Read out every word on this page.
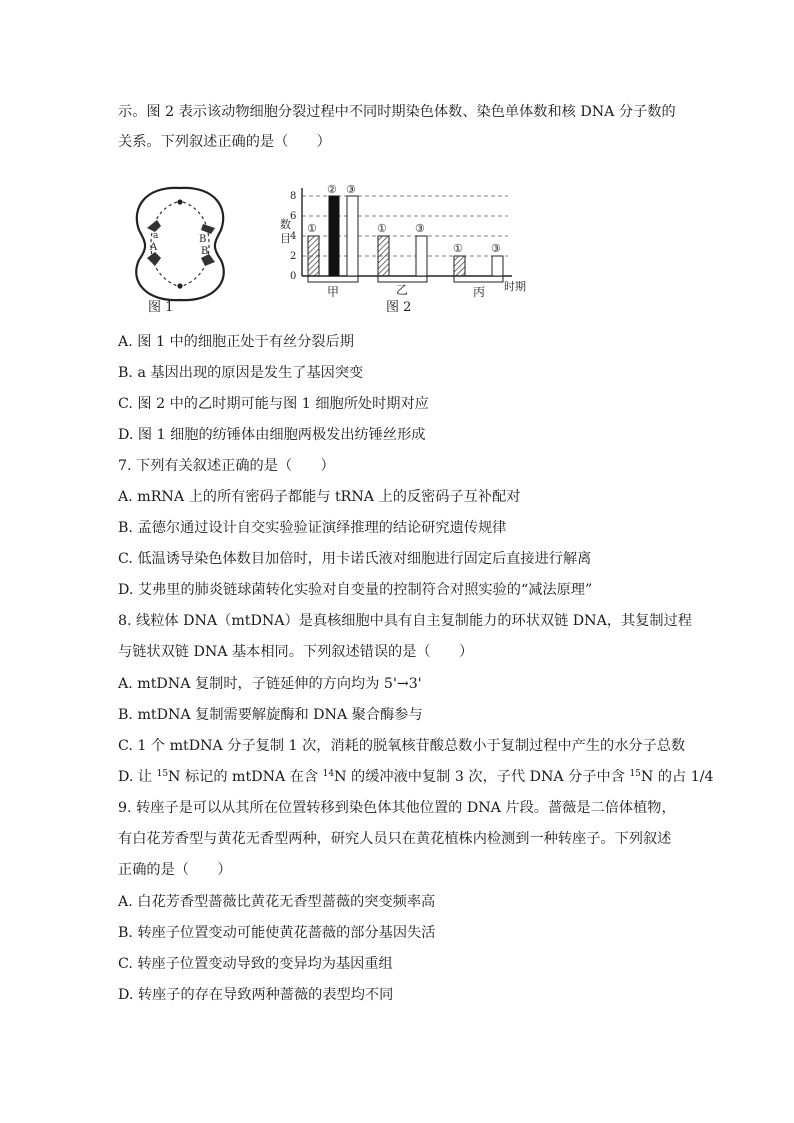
示。图 2 表示该动物细胞分裂过程中不同时期染色体数、染色单体数和核 DNA 分子数的
关系。下列叙述正确的是（　　）
a
A
B
B
图 1
数
目
0
2
4
6
8
①
② ③
①	③
①	③
甲	乙	丙 时期
图 2
A. 图 1 中的细胞正处于有丝分裂后期
B. a 基因出现的原因是发生了基因突变
C. 图 2 中的乙时期可能与图 1 细胞所处时期对应
D. 图 1 细胞的纺锤体由细胞两极发出纺锤丝形成
7. 下列有关叙述正确的是（　　）
A. mRNA 上的所有密码子都能与 tRNA 上的反密码子互补配对
B. 孟德尔通过设计自交实验验证演绎推理的结论研究遗传规律
C. 低温诱导染色体数目加倍时，用卡诺氏液对细胞进行固定后直接进行解离
D. 艾弗里的肺炎链球菌转化实验对自变量的控制符合对照实验的“减法原理”
8. 线粒体 DNA（mtDNA）是真核细胞中具有自主复制能力的环状双链 DNA，其复制过程
与链状双链 DNA 基本相同。下列叙述错误的是（　　）
A. mtDNA 复制时，子链延伸的方向均为 5'→3'
B. mtDNA 复制需要解旋酶和 DNA 聚合酶参与
C. 1 个 mtDNA 分子复制 1 次，消耗的脱氧核苷酸总数小于复制过程中产生的水分子总数
D. 让 $^{15}$N 标记的 mtDNA 在含 $^{14}$N 的缓冲液中复制 3 次，子代 DNA 分子中含 $^{15}$N 的占 1/4
9. 转座子是可以从其所在位置转移到染色体其他位置的 DNA 片段。蔷薇是二倍体植物，
有白花芳香型与黄花无香型两种，研究人员只在黄花植株内检测到一种转座子。下列叙述
正确的是（　　）
A. 白花芳香型蔷薇比黄花无香型蔷薇的突变频率高
B. 转座子位置变动可能使黄花蔷薇的部分基因失活
C. 转座子位置变动导致的变异均为基因重组
D. 转座子的存在导致两种蔷薇的表型均不同
